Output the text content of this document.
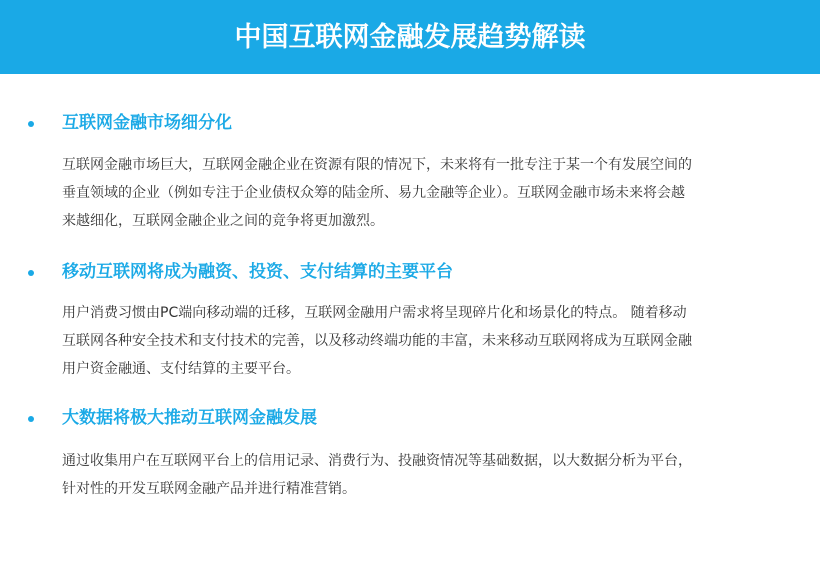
中国互联网金融发展趋势解读
互联网金融市场细分化
互联网金融市场巨大，互联网金融企业在资源有限的情况下，未来将有一批专注于某一个有发展空间的
垂直领域的企业（例如专注于企业债权众筹的陆金所、易九金融等企业）。互联网金融市场未来将会越
来越细化，互联网金融企业之间的竞争将更加激烈。
移动互联网将成为融资、投资、支付结算的主要平台
用户消费习惯由PC端向移动端的迁移，互联网金融用户需求将呈现碎片化和场景化的特点。 随着移动
互联网各种安全技术和支付技术的完善，以及移动终端功能的丰富，未来移动互联网将成为互联网金融
用户资金融通、支付结算的主要平台。
大数据将极大推动互联网金融发展
通过收集用户在互联网平台上的信用记录、消费行为、投融资情况等基础数据，以大数据分析为平台，
针对性的开发互联网金融产品并进行精准营销。
